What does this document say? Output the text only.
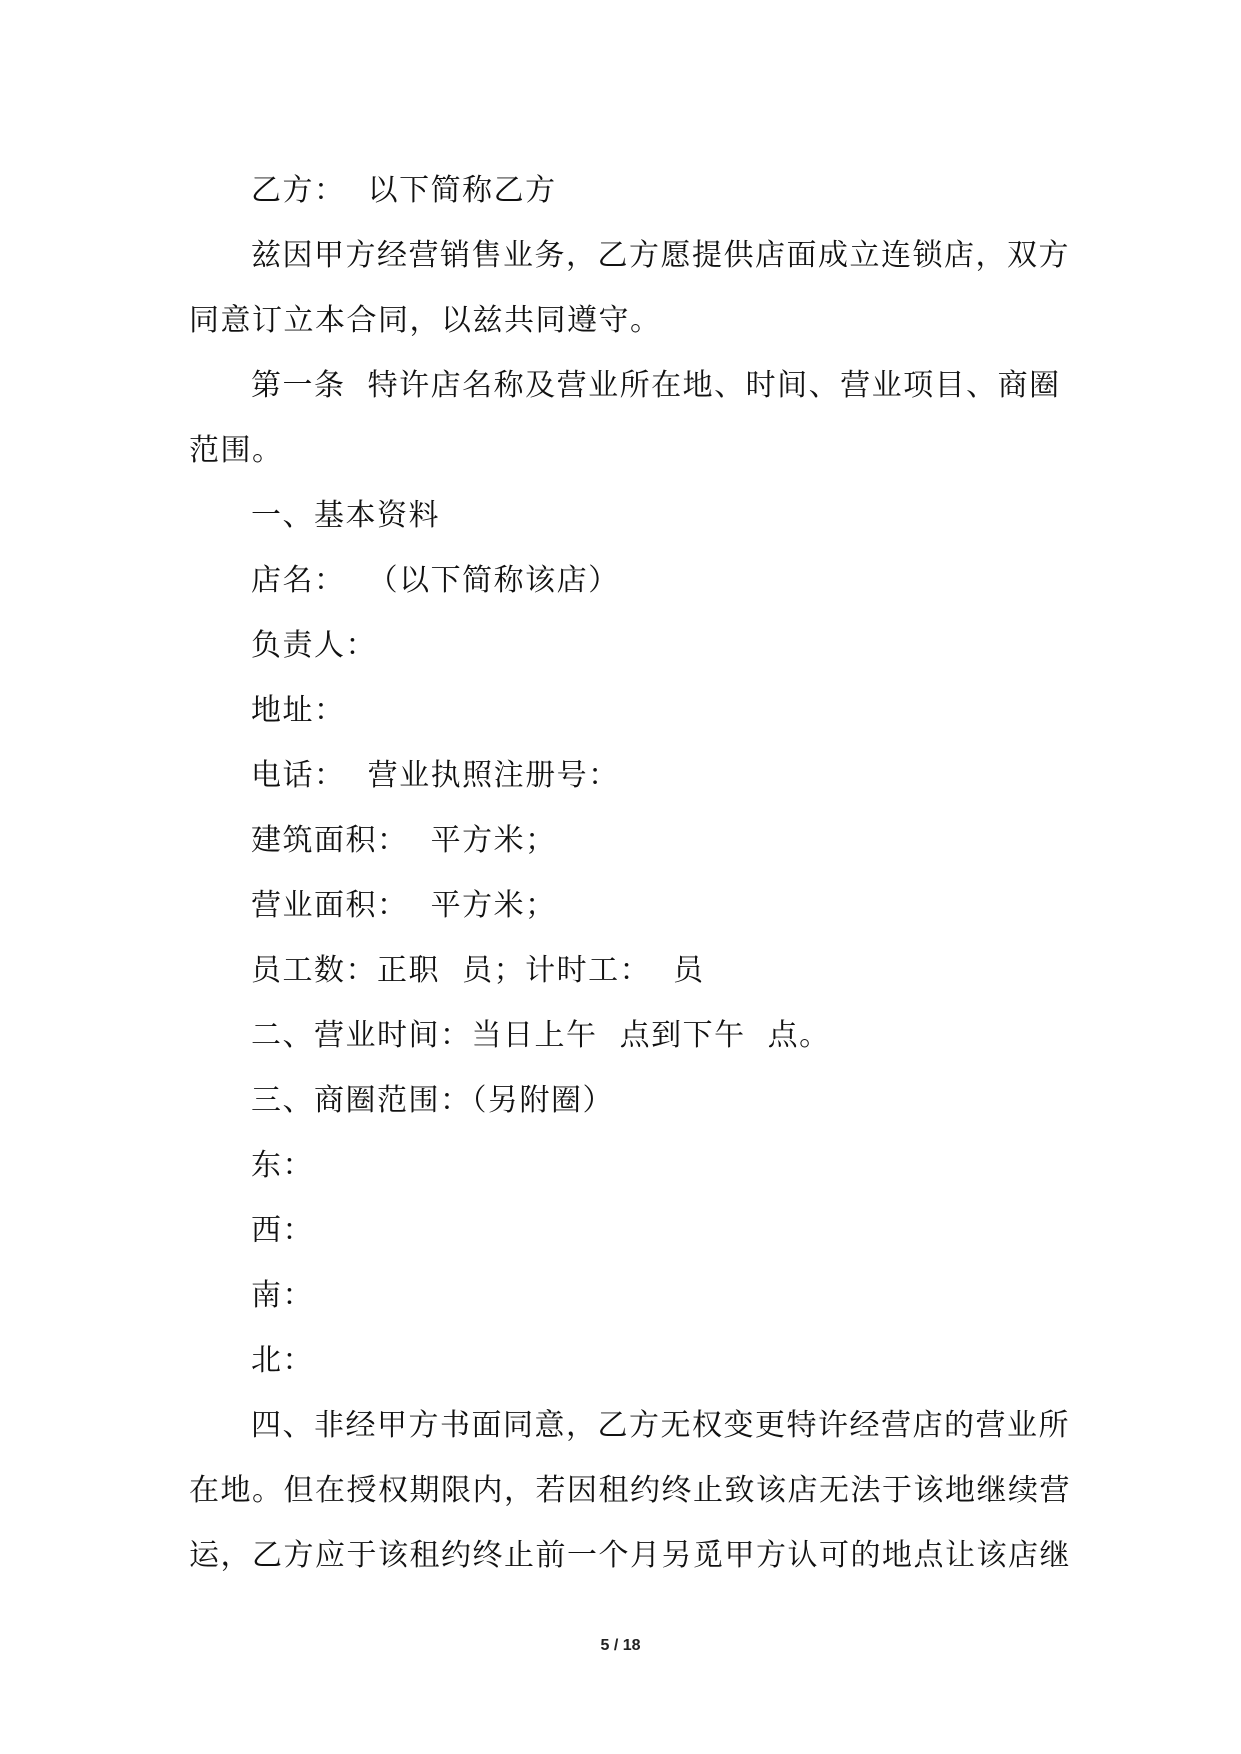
乙方：  以下简称乙方
兹因甲方经营销售业务，乙方愿提供店面成立连锁店，双方
同意订立本合同，以兹共同遵守。
第一条  特许店名称及营业所在地、时间、营业项目、商圈
范围。
一、基本资料
店名：  （以下简称该店）
负责人：
地址：
电话：  营业执照注册号：
建筑面积：  平方米；
营业面积：  平方米；
员工数：正职  员；计时工：  员
二、营业时间：当日上午  点到下午  点。
三、商圈范围：（另附圈）
东：
西：
南：
北：
四、非经甲方书面同意，乙方无权变更特许经营店的营业所
在地。但在授权期限内，若因租约终止致该店无法于该地继续营
运，乙方应于该租约终止前一个月另觅甲方认可的地点让该店继
5 / 18
